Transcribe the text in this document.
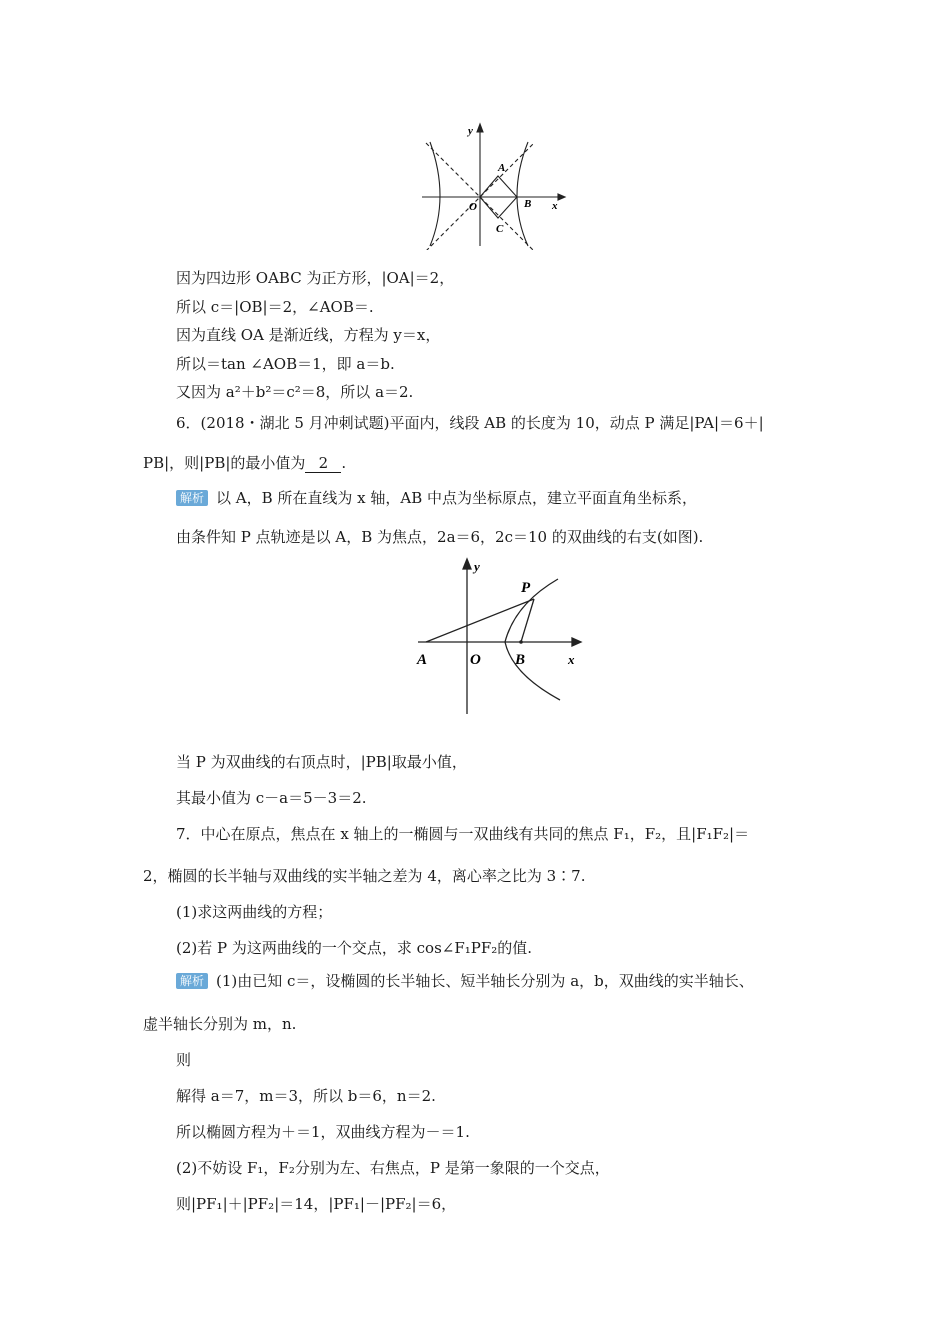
y
x
O
A
B
C
因为四边形 OABC 为正方形，|OA|＝2，
所以 c＝|OB|＝2，∠AOB＝.
因为直线 OA 是渐近线，方程为 y＝x，
所以＝tan ∠AOB＝1，即 a＝b.
又因为 a²＋b²＝c²＝8，所以 a＝2.
6．(2018・湖北 5 月冲刺试题)平面内，线段 AB 的长度为 10，动点 P 满足|PA|＝6＋|
PB|，则|PB|的最小值为 2 .
解析 以 A，B 所在直线为 x 轴，AB 中点为坐标原点，建立平面直角坐标系，
由条件知 P 点轨迹是以 A，B 为焦点，2a＝6，2c＝10 的双曲线的右支(如图).
y
x
P
A	O B
当 P 为双曲线的右顶点时，|PB|取最小值，
其最小值为 c－a＝5－3＝2.
7．中心在原点，焦点在 x 轴上的一椭圆与一双曲线有共同的焦点 F₁，F₂，且|F₁F₂|＝
2，椭圆的长半轴与双曲线的实半轴之差为 4，离心率之比为 3∶7.
(1)求这两曲线的方程；
(2)若 P 为这两曲线的一个交点，求 cos∠F₁PF₂的值.
解析 (1)由已知 c＝，设椭圆的长半轴长、短半轴长分别为 a，b，双曲线的实半轴长、
虚半轴长分别为 m，n.
则
解得 a＝7，m＝3，所以 b＝6，n＝2.
所以椭圆方程为＋＝1，双曲线方程为－＝1.
(2)不妨设 F₁，F₂分别为左、右焦点，P 是第一象限的一个交点，
则|PF₁|＋|PF₂|＝14，|PF₁|－|PF₂|＝6，
